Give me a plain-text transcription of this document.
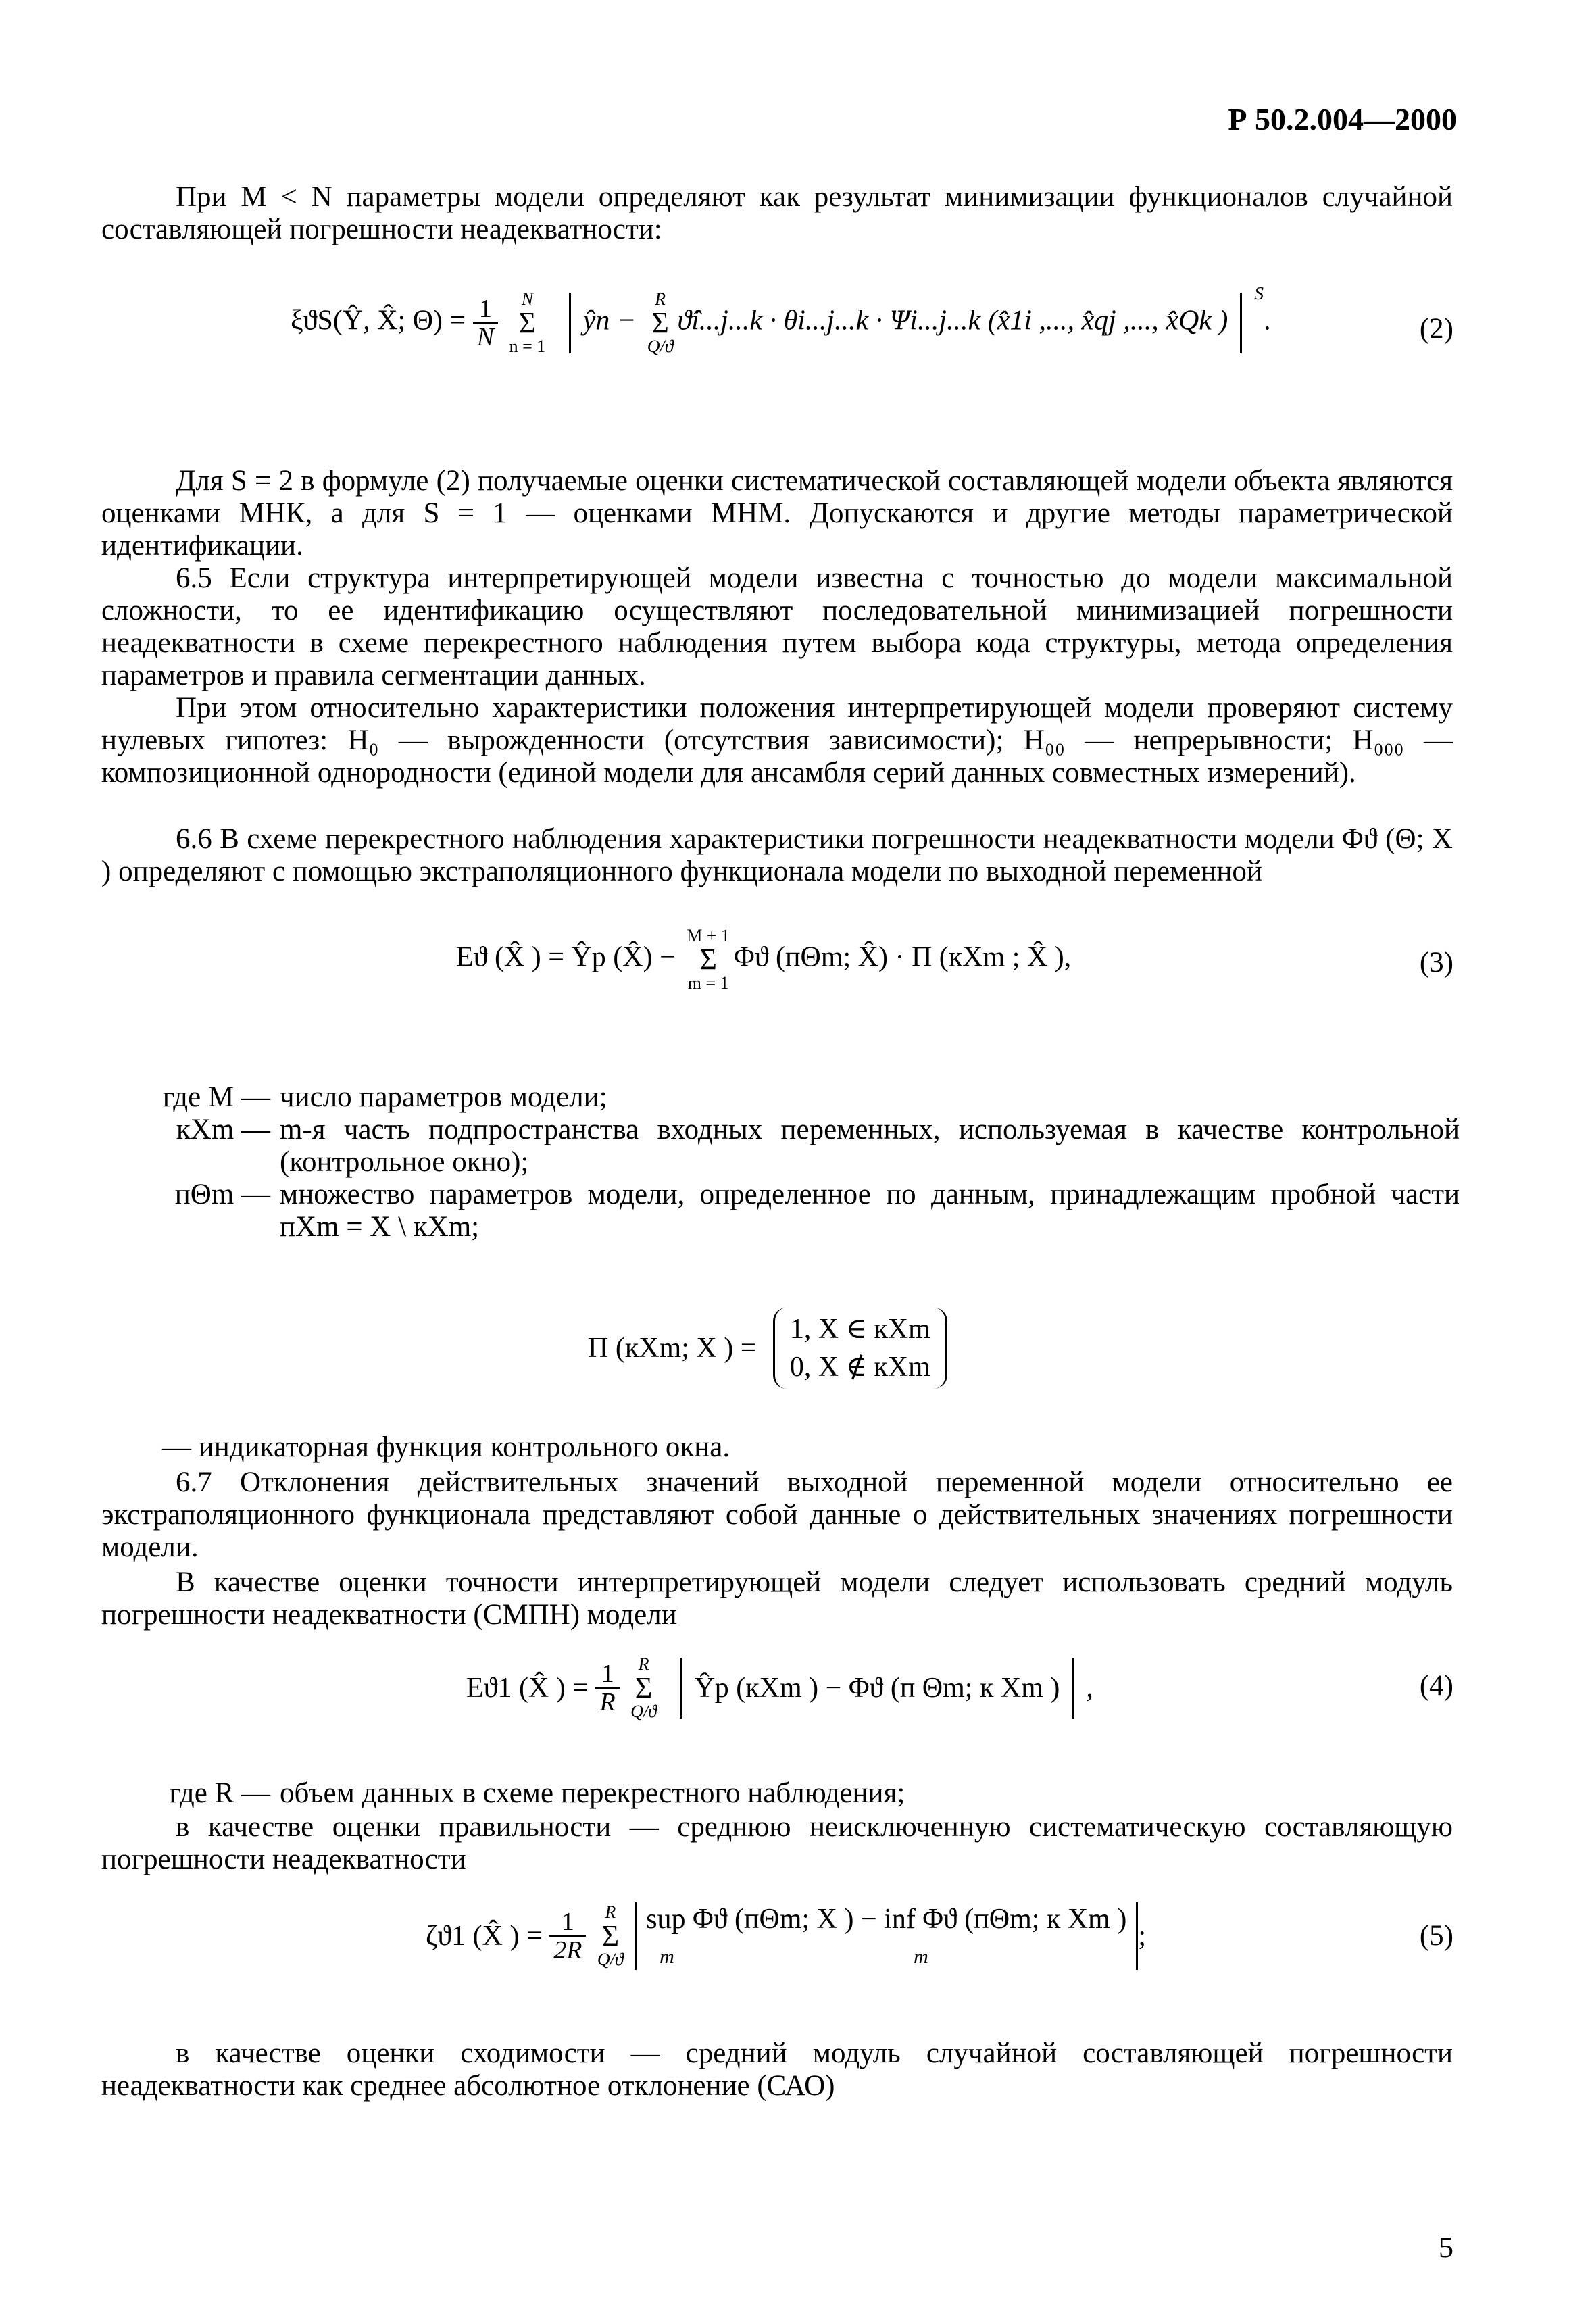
Р 50.2.004—2000

При M < N параметры модели определяют как результат минимизации функционалов случайной составляющей погрешности неадекватности:

ξϑS(Ŷ, X̂; $\Theta) = \frac{1}{N}$ N
Σ
n = 1 ŷn − R
Σ
Q/ϑϑ̂i...j...k · θi...j...k · Ψi...j...k (x̂1i ,..., x̂qj ,..., x̂Qk )$^S$.	(2)

Для S = 2 в формуле (2) получаемые оценки систематической составляющей модели объекта являются оценками МНК, а для S = 1 — оценками МНМ. Допускаются и другие методы параметрической идентификации.

6.5 Если структура интерпретирующей модели известна с точностью до модели максимальной сложности, то ее идентификацию осуществляют последовательной минимизацией погрешности неадекватности в схеме перекрестного наблюдения путем выбора кода структуры, метода определения параметров и правила сегментации данных.

При этом относительно характеристики положения интерпретирующей модели проверяют систему нулевых гипотез: H₀ — вырожденности (отсутствия зависимости); H₀₀ — непрерывности; H₀₀₀ — композиционной однородности (единой модели для ансамбля серий данных совместных измерений).

6.6 В схеме перекрестного наблюдения характеристики погрешности неадекватности модели Φϑ (Θ; X ) определяют с помощью экстраполяционного функционала модели по выходной переменной

Eϑ (X̂ ) = Ŷp (X̂) − M + 1
Σ
m = 1Φϑ (пΘm; X̂) · Π (кXm ; X̂ ),	(3)
где M — число параметров модели;
кXm — m-я часть подпространства входных переменных, используемая в качестве контрольной (контрольное окно);
пΘm — множество параметров модели, определенное по данным, принадлежащим пробной части пXm = X \ кXm;
Π (кXm; X ) =
1, X ∈ кXm
0, X ∉ кXm

— индикаторная функция контрольного окна.

6.7 Отклонения действительных значений выходной переменной модели относительно ее экстраполяционного функционала представляют собой данные о действительных значениях погрешности модели.

В качестве оценки точности интерпретирующей модели следует использовать средний модуль погрешности неадекватности (СМПН) модели

Eϑ1 (X̂ ) = $\frac{1}{R}$ R
Σ
Q/ϑ Ŷp (кXm ) − Φϑ (п Θm; к Xm ) ,	(4)
где R — объем данных в схеме перекрестного наблюдения;

в качестве оценки правильности — среднюю неисключенную систематическую составляющую погрешности неадекватности

ζϑ1 (X̂ ) = $\frac{1}{2R}$ R
Σ
Q/ϑ sup Φϑ (пΘm; X ) − inf Φϑ (пΘm; к Xm )
m	m
;	(5)

в качестве оценки сходимости — средний модуль случайной составляющей погрешности неадекватности как среднее абсолютное отклонение (САО)

5
